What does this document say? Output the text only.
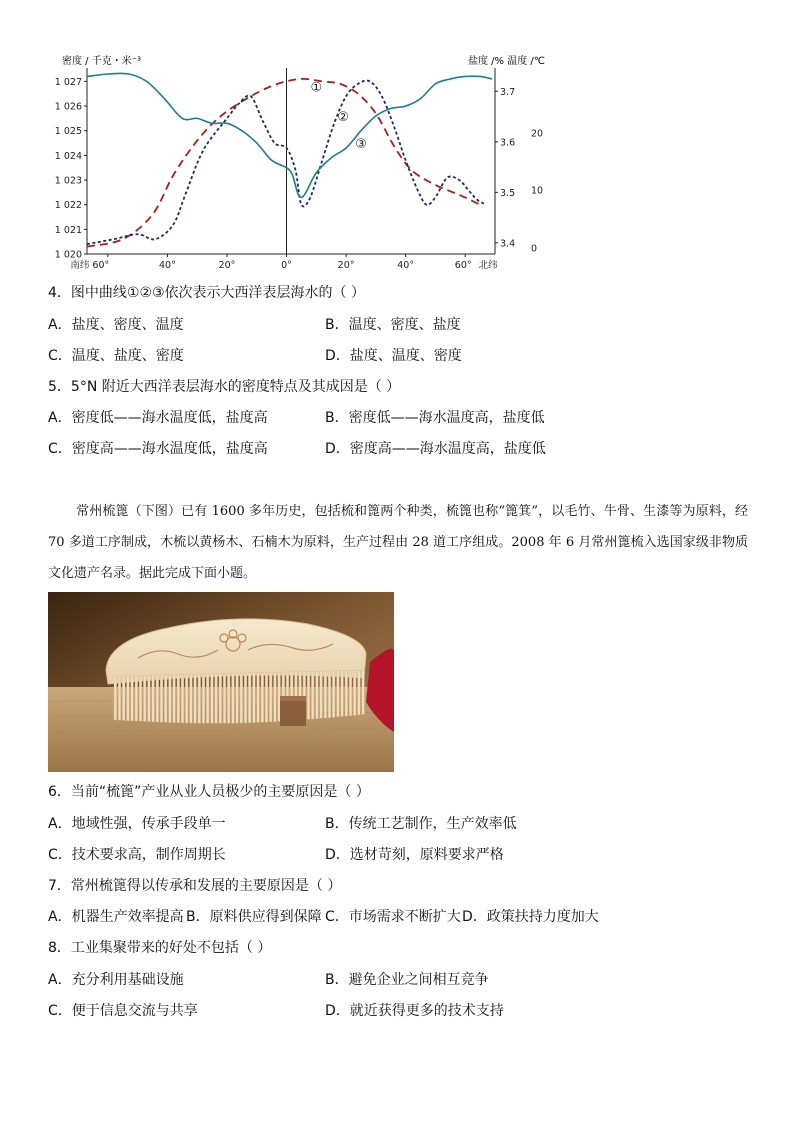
密度 / 千克・米⁻³	盐度 /% 温度 /℃
1 020
1 021
1 022
1 023
1 024
1 025
1 026
1 027
3.4
3.5
3.6
3.7
0
10
20
南纬 60°	40°	20°	0°	20°	40°	60° 北纬
①
②
③
4．图中曲线①②③依次表示大西洋表层海水的（ ）
A．盐度、密度、温度	B．温度、密度、盐度
C．温度、盐度、密度	D．盐度、温度、密度
5．5°N 附近大西洋表层海水的密度特点及其成因是（ ）
A．密度低——海水温度低，盐度高	B．密度低——海水温度高，盐度低
C．密度高——海水温度低，盐度高	D．密度高——海水温度高，盐度低
常州梳篦（下图）已有 1600 多年历史，包括梳和篦两个种类，梳篦也称“篦箕”，以毛竹、牛骨、生漆等为原料，经 70 多道工序制成，木梳以黄杨木、石楠木为原料，生产过程由 28 道工序组成。2008 年 6 月常州篦梳入选国家级非物质文化遗产名录。据此完成下面小题。
6．当前“梳篦”产业从业人员极少的主要原因是（ ）
A．地域性强，传承手段单一	B．传统工艺制作，生产效率低
C．技术要求高，制作周期长	D．选材苛刻，原料要求严格
7．常州梳篦得以传承和发展的主要原因是（ ）
A．机器生产效率提高 B．原料供应得到保障 C．市场需求不断扩大 D．政策扶持力度加大
8．工业集聚带来的好处不包括（ ）
A．充分利用基础设施	B．避免企业之间相互竞争
C．便于信息交流与共享	D．就近获得更多的技术支持
